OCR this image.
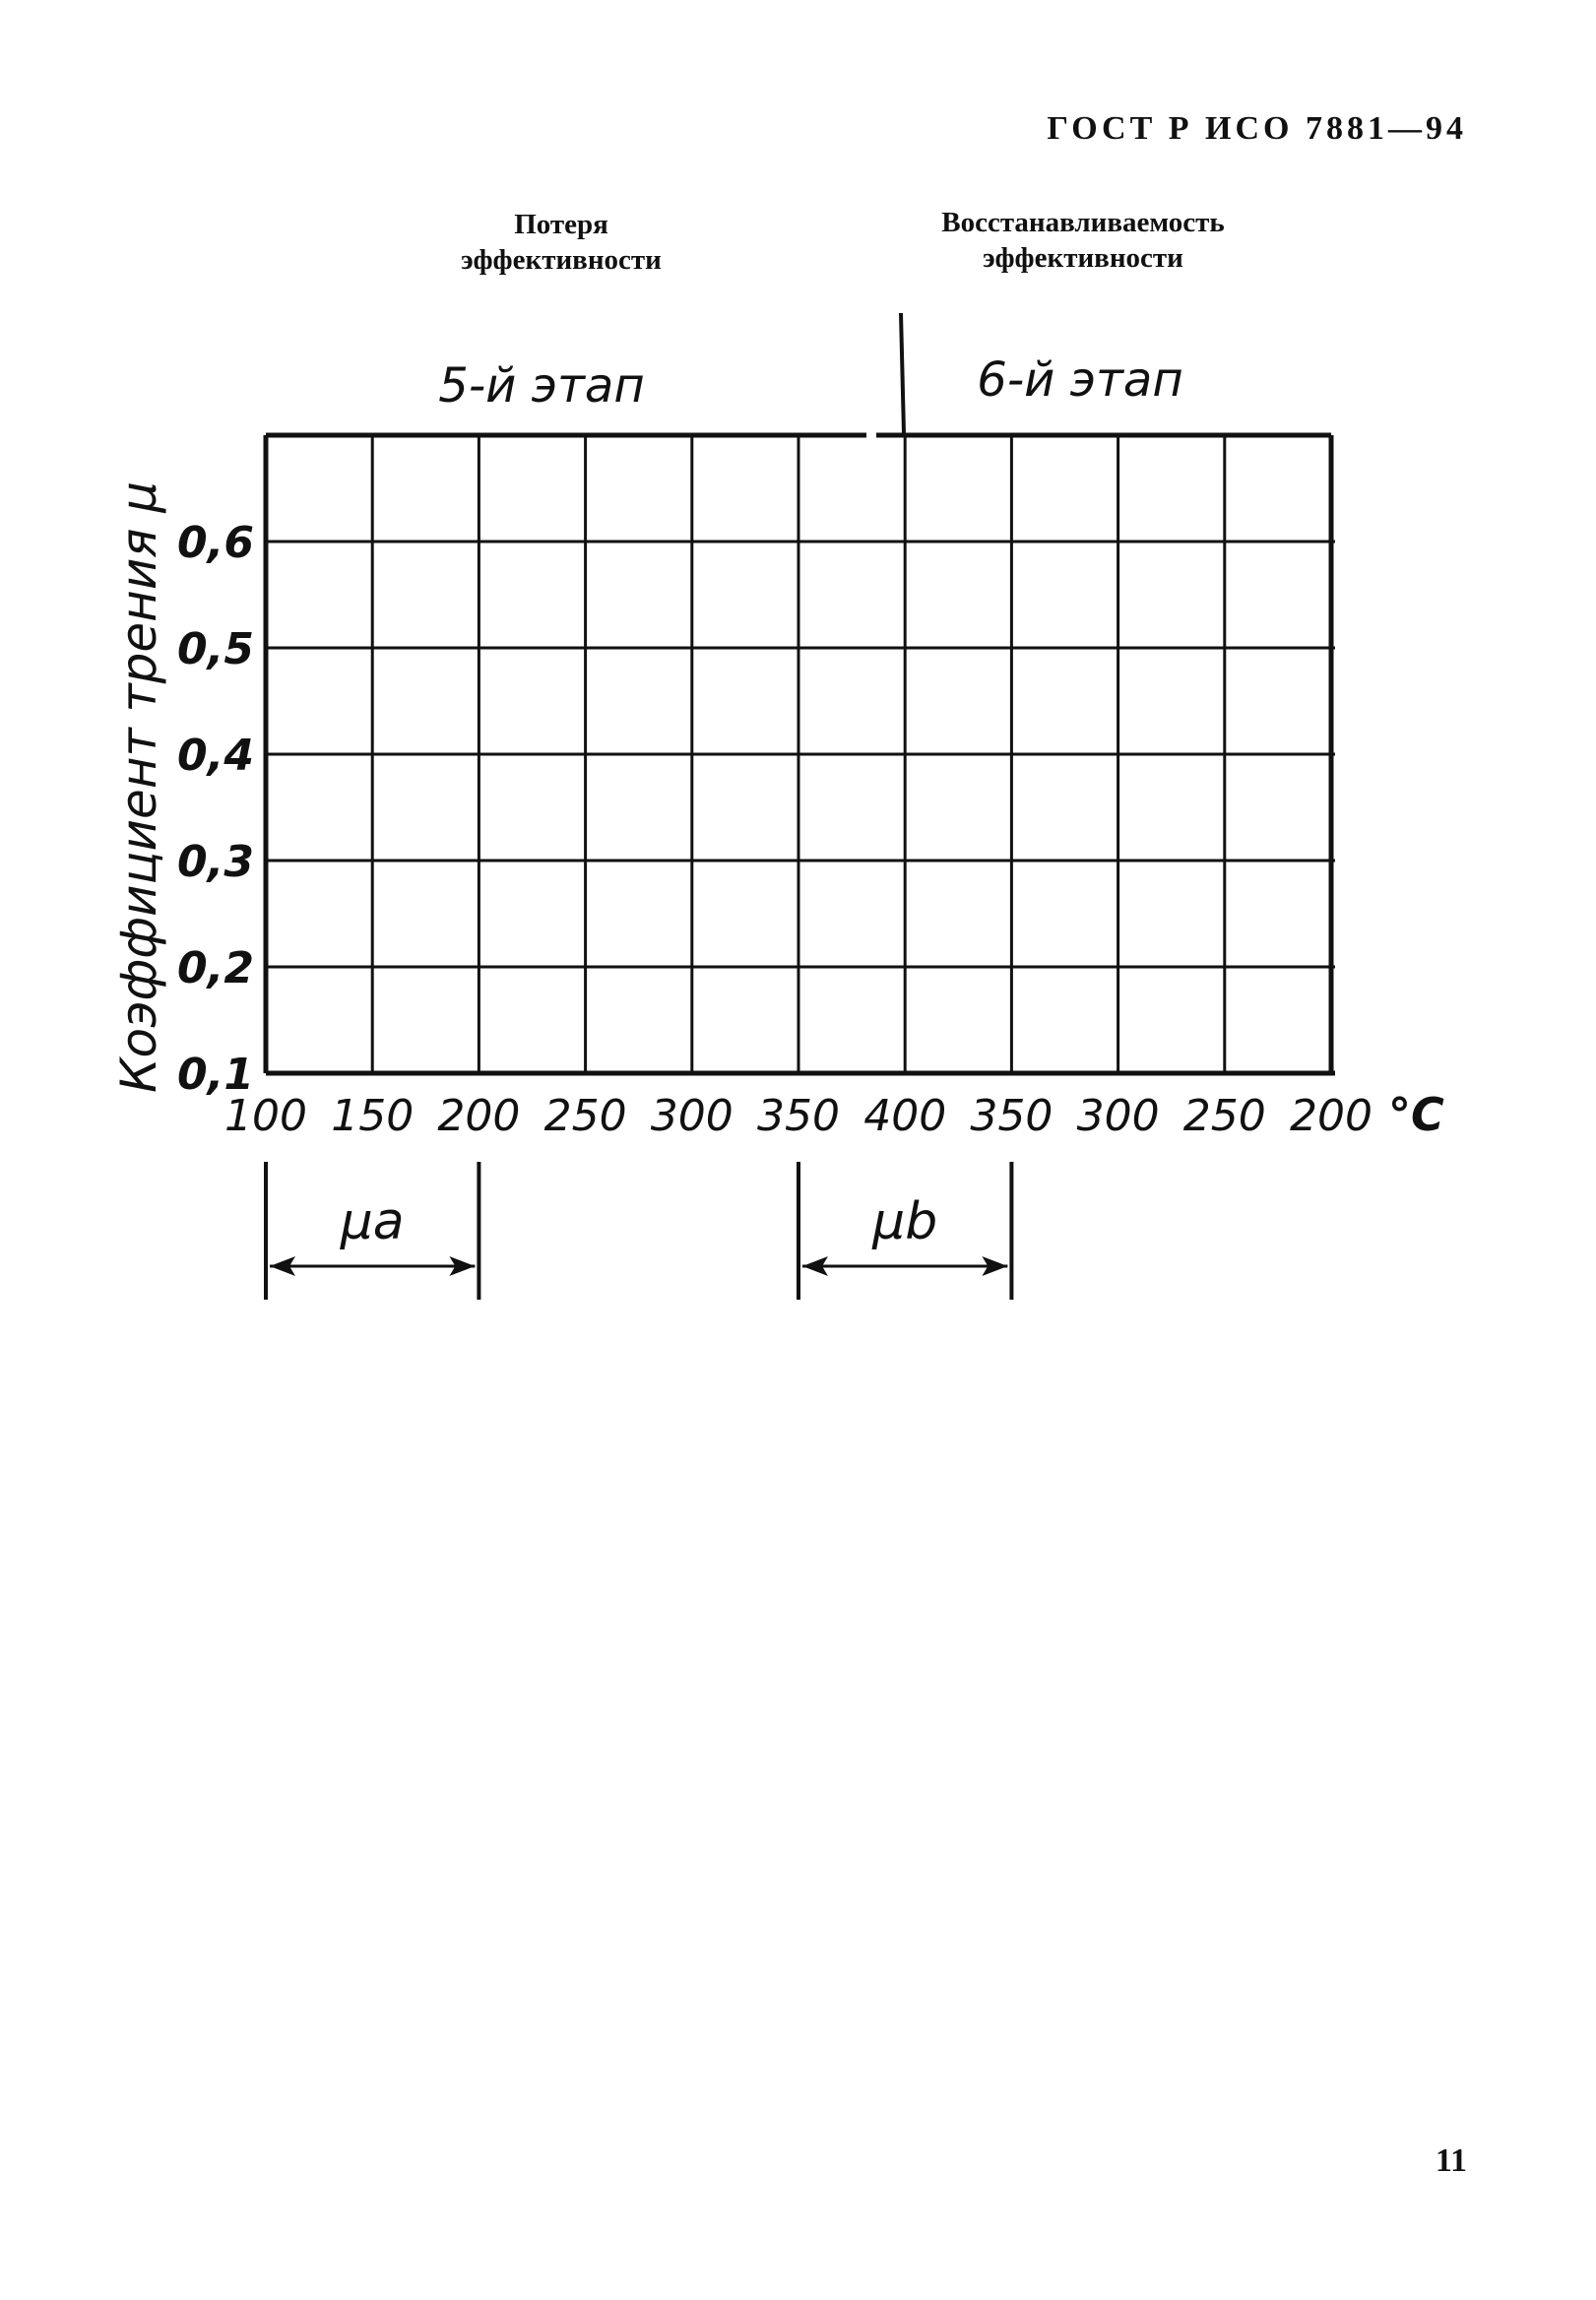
ГОСТ Р ИСО 7881—94
Потеря
эффективности
Восстанавливаемость
эффективности
5-й этап	6-й этап
Коэффициент трения μ 0,6
0,5
0,4
0,3
0,2
0,1
100 150 200 250 300 350 400 350 300 250 200 °C
μa	μb
11
